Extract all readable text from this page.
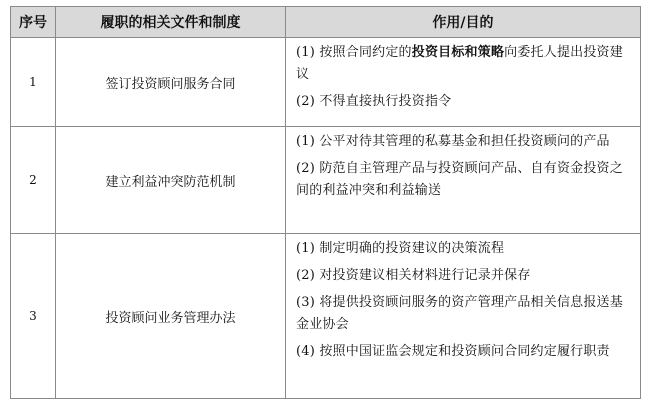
序号	履职的相关文件和制度	作用/目的
1	签订投资顾问服务合同	(1) 按照合同约定的投资目标和策略向委托人提出投资建议
(2) 不得直接执行投资指令

2	建立利益冲突防范机制	(1) 公平对待其管理的私募基金和担任投资顾问的产品
(2) 防范自主管理产品与投资顾问产品、自有资金投资之间的利益冲突和利益输送

3	投资顾问业务管理办法	(1) 制定明确的投资建议的决策流程
(2) 对投资建议相关材料进行记录并保存
(3) 将提供投资顾问服务的资产管理产品相关信息报送基金业协会
(4) 按照中国证监会规定和投资顾问合同约定履行职责
